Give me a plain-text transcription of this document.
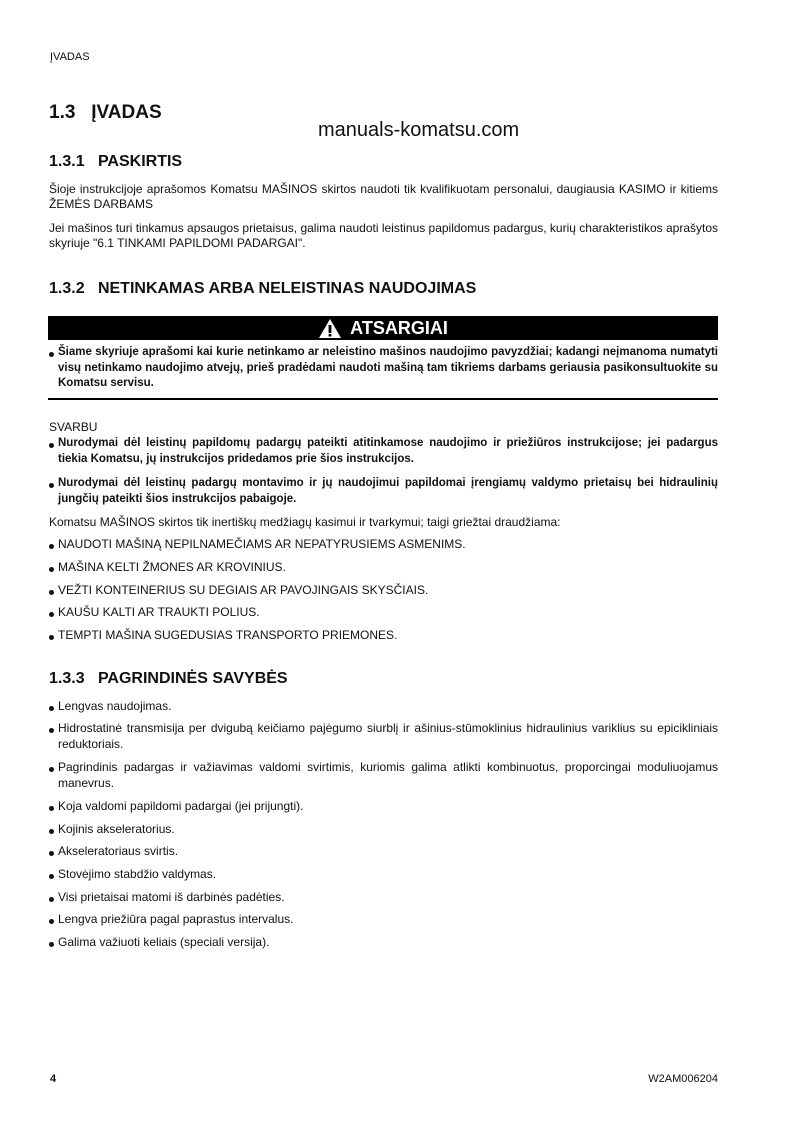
ĮVADAS
1.3 ĮVADAS
manuals-komatsu.com
1.3.1 PASKIRTIS
Šioje instrukcijoje aprašomos Komatsu MAŠINOS skirtos naudoti tik kvalifikuotam personalui, daugiausia KASIMO ir kitiems ŽEMĖS DARBAMS
Jei mašinos turi tinkamus apsaugos prietaisus, galima naudoti leistinus papildomus padargus, kurių charakteristikos aprašytos skyriuje "6.1 TINKAMI PAPILDOMI PADARGAI".
1.3.2 NETINKAMAS ARBA NELEISTINAS NAUDOJIMAS
ATSARGIAI
Šiame skyriuje aprašomi kai kurie netinkamo ar neleistino mašinos naudojimo pavyzdžiai; kadangi neįmanoma numatyti visų netinkamo naudojimo atvejų, prieš pradėdami naudoti mašiną tam tikriems darbams geriausia pasikonsultuokite su Komatsu servisu.
SVARBU
Nurodymai dėl leistinų papildomų padargų pateikti atitinkamose naudojimo ir priežiūros instrukcijose; jei padargus tiekia Komatsu, jų instrukcijos pridedamos prie šios instrukcijos.
Nurodymai dėl leistinų padargų montavimo ir jų naudojimui papildomai įrengiamų valdymo prietaisų bei hidraulinių jungčių pateikti šios instrukcijos pabaigoje.
Komatsu MAŠINOS skirtos tik inertiškų medžiagų kasimui ir tvarkymui; taigi griežtai draudžiama:
NAUDOTI MAŠINĄ NEPILNAMEČIAMS AR NEPATYRUSIEMS ASMENIMS.
MAŠINA KELTI ŽMONES AR KROVINIUS.
VEŽTI KONTEINERIUS SU DEGIAIS AR PAVOJINGAIS SKYSČIAIS.
KAUŠU KALTI AR TRAUKTI POLIUS.
TEMPTI MAŠINA SUGEDUSIAS TRANSPORTO PRIEMONES.
1.3.3 PAGRINDINĖS SAVYBĖS
Lengvas naudojimas.
Hidrostatinė transmisija per dvigubą keičiamo pajėgumo siurblį ir ašinius-stūmoklinius hidraulinius variklius su epicikliniais reduktoriais.
Pagrindinis padargas ir važiavimas valdomi svirtimis, kuriomis galima atlikti kombinuotus, proporcingai moduliuojamus manevrus.
Koja valdomi papildomi padargai (jei prijungti).
Kojinis akseleratorius.
Akseleratoriaus svirtis.
Stovėjimo stabdžio valdymas.
Visi prietaisai matomi iš darbinės padėties.
Lengva priežiūra pagal paprastus intervalus.
Galima važiuoti keliais (speciali versija).
4	W2AM006204
